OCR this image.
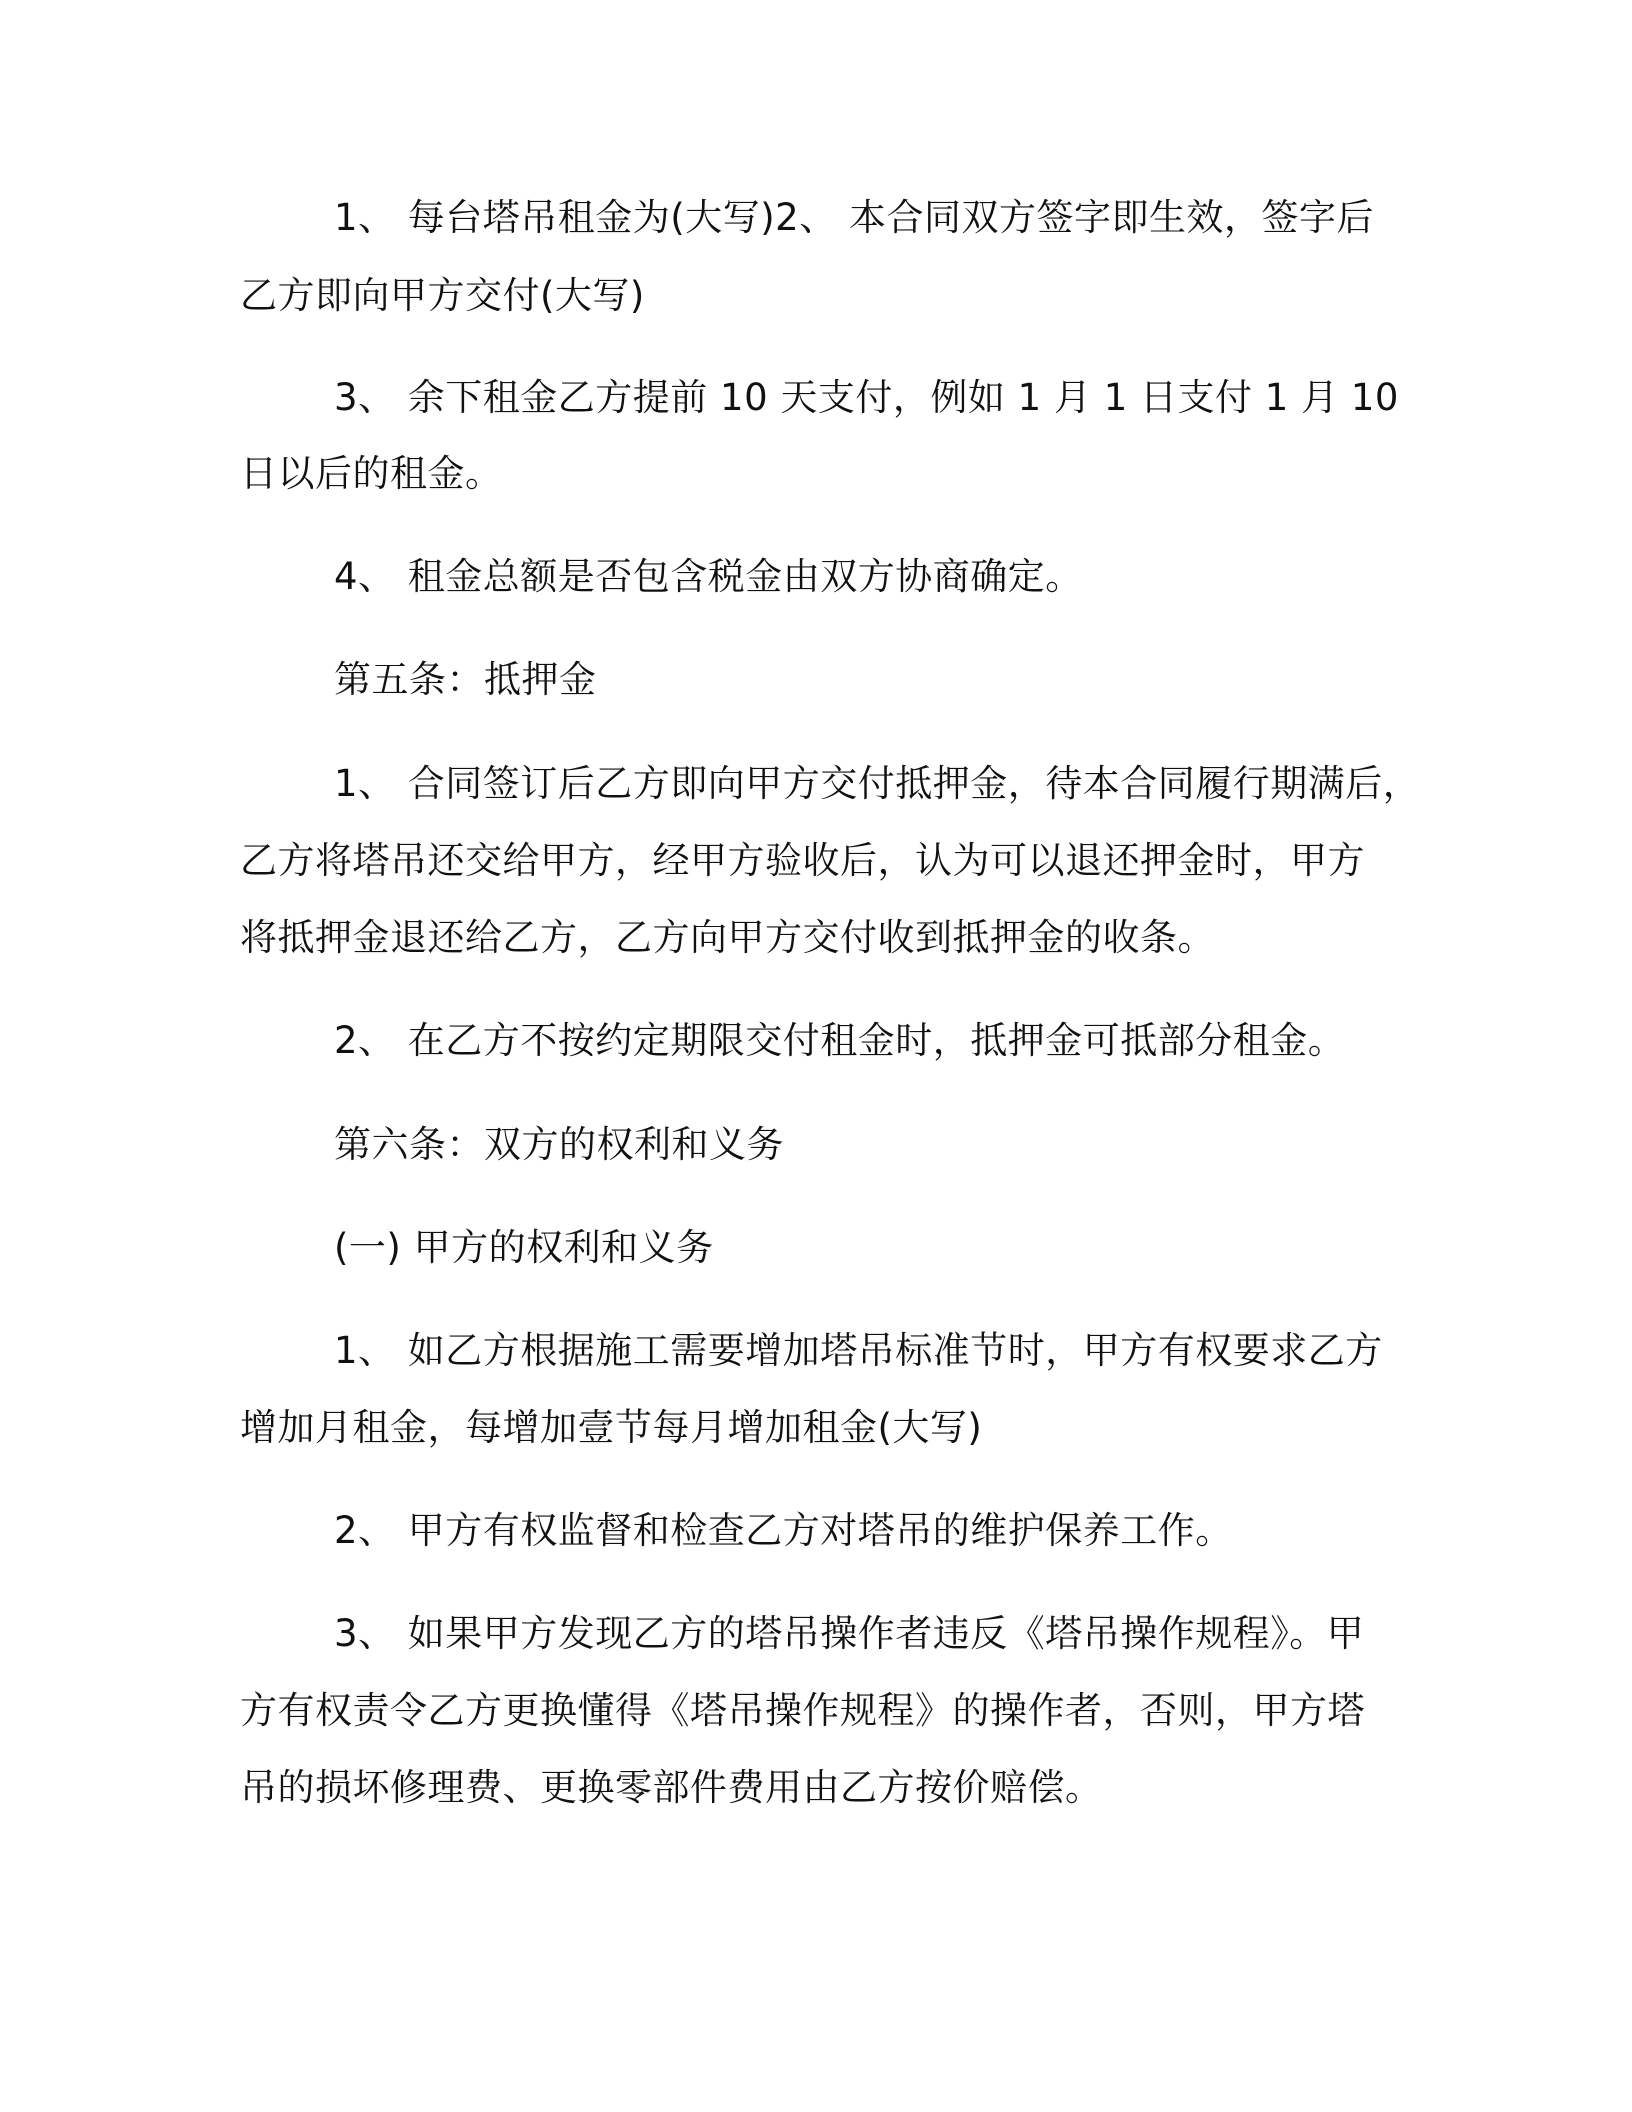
1、 每台塔吊租金为(大写)2、 本合同双方签字即生效，签字后
乙方即向甲方交付(大写)
3、 余下租金乙方提前 10 天支付，例如 1 月 1 日支付 1 月 10
日以后的租金。
4、 租金总额是否包含税金由双方协商确定。
第五条：抵押金
1、 合同签订后乙方即向甲方交付抵押金，待本合同履行期满后，
乙方将塔吊还交给甲方，经甲方验收后，认为可以退还押金时，甲方
将抵押金退还给乙方，乙方向甲方交付收到抵押金的收条。
2、 在乙方不按约定期限交付租金时，抵押金可抵部分租金。
第六条：双方的权利和义务
(一) 甲方的权利和义务
1、 如乙方根据施工需要增加塔吊标准节时，甲方有权要求乙方
增加月租金，每增加壹节每月增加租金(大写)
2、 甲方有权监督和检查乙方对塔吊的维护保养工作。
3、 如果甲方发现乙方的塔吊操作者违反《塔吊操作规程》。甲
方有权责令乙方更换懂得《塔吊操作规程》的操作者，否则，甲方塔
吊的损坏修理费、更换零部件费用由乙方按价赔偿。
